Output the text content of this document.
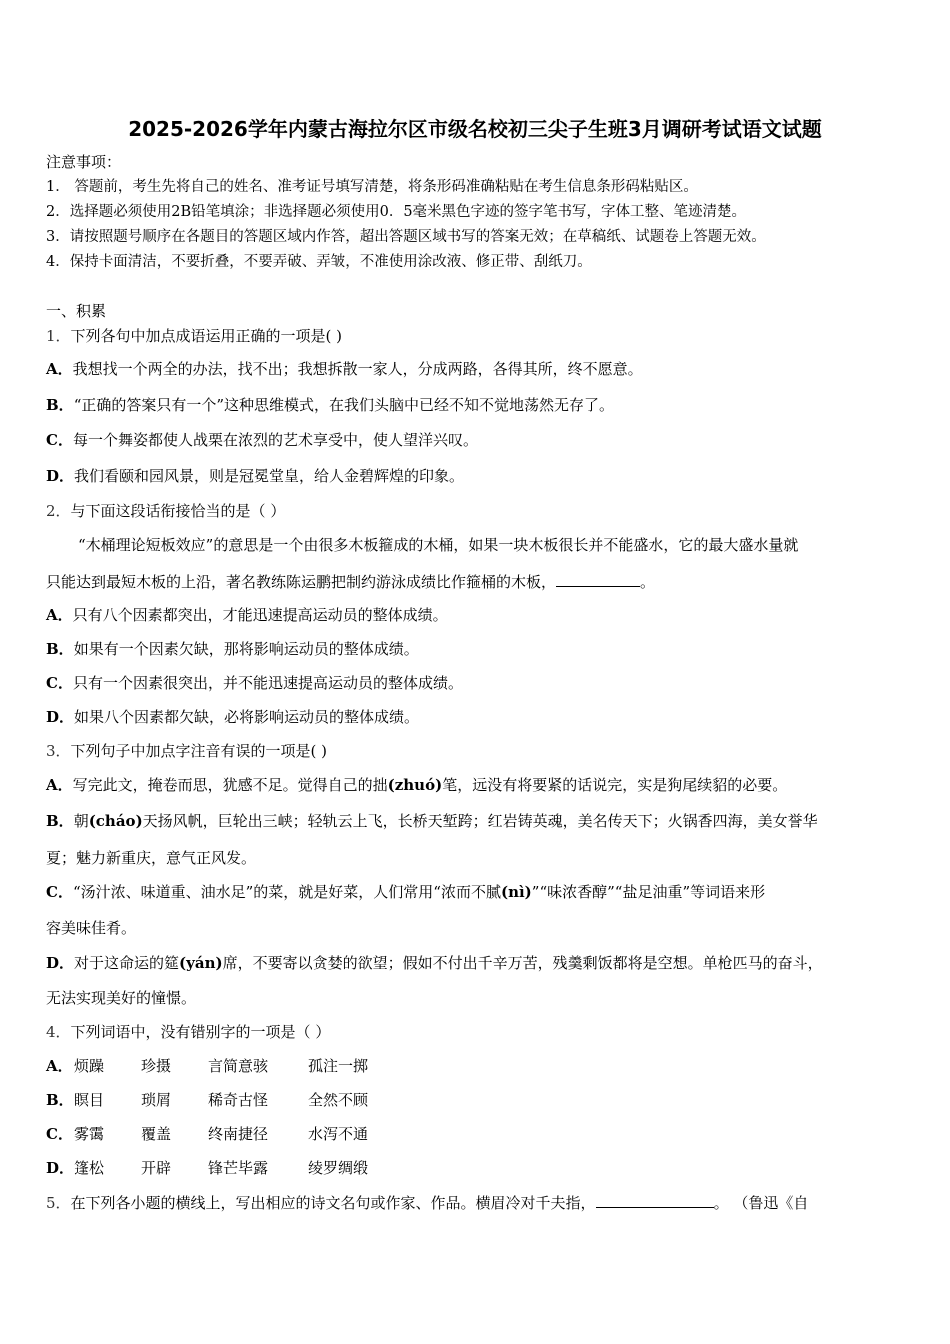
2025-2026学年内蒙古海拉尔区市级名校初三尖子生班3月调研考试语文试题
注意事项：
1． 答题前，考生先将自己的姓名、准考证号填写清楚，将条形码准确粘贴在考生信息条形码粘贴区。
2．选择题必须使用2B铅笔填涂；非选择题必须使用0．5毫米黑色字迹的签字笔书写，字体工整、笔迹清楚。
3．请按照题号顺序在各题目的答题区域内作答，超出答题区域书写的答案无效；在草稿纸、试题卷上答题无效。
4．保持卡面清洁，不要折叠，不要弄破、弄皱，不准使用涂改液、修正带、刮纸刀。
一、积累
1．下列各句中加点成语运用正确的一项是( )
A．我想找一个两全的办法，找不出；我想拆散一家人，分成两路，各得其所，终不愿意。
B．“正确的答案只有一个”这种思维模式，在我们头脑中已经不知不觉地荡然无存了。
C．每一个舞姿都使人战栗在浓烈的艺术享受中，使人望洋兴叹。
D．我们看颐和园风景，则是冠冕堂皇，给人金碧辉煌的印象。
2．与下面这段话衔接恰当的是（ ）
“木桶理论短板效应”的意思是一个由很多木板箍成的木桶，如果一块木板很长并不能盛水，它的最大盛水量就
只能达到最短木板的上沿，著名教练陈运鹏把制约游泳成绩比作箍桶的木板，	。
A．只有八个因素都突出，才能迅速提高运动员的整体成绩。
B．如果有一个因素欠缺，那将影响运动员的整体成绩。
C．只有一个因素很突出，并不能迅速提高运动员的整体成绩。
D．如果八个因素都欠缺，必将影响运动员的整体成绩。
3．下列句子中加点字注音有误的一项是( )
A．写完此文，掩卷而思，犹感不足。觉得自己的拙(zhuó)笔，远没有将要紧的话说完，实是狗尾续貂的必要。
B．朝(cháo)天扬风帆，巨轮出三峡；轻轨云上飞，长桥天堑跨；红岩铸英魂，美名传天下；火锅香四海，美女誉华
夏；魅力新重庆，意气正风发。
C．“汤汁浓、味道重、油水足”的菜，就是好菜，人们常用“浓而不腻(nì)”“味浓香醇”“盐足油重”等词语来形
容美味佳肴。
D．对于这命运的筵(yán)席，不要寄以贪婪的欲望；假如不付出千辛万苦，残羹剩饭都将是空想。单枪匹马的奋斗，
无法实现美好的憧憬。
4．下列词语中，没有错别字的一项是（ ）
A． 烦躁 珍摄 言简意骇	孤注一掷
B． 瞑目 琐屑 稀奇古怪	全然不顾
C． 雾霭 覆盖 终南捷径	水泻不通
D． 篷松 开辟 锋芒毕露	绫罗绸缎
5．在下列各小题的横线上，写出相应的诗文名句或作家、作品。横眉冷对千夫指，	。 （鲁迅《自
